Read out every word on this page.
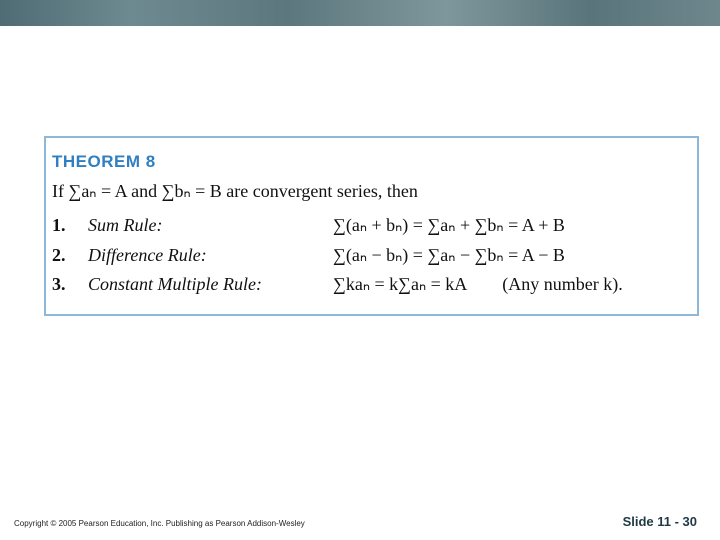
THEOREM 8
If ∑aₙ = A and ∑bₙ = B are convergent series, then
1. Sum Rule:	∑(aₙ + bₙ) = ∑aₙ + ∑bₙ = A + B
2. Difference Rule:	∑(aₙ − bₙ) = ∑aₙ − ∑bₙ = A − B
3. Constant Multiple Rule:	∑kaₙ = k∑aₙ = kA        (Any number k).
Copyright © 2005 Pearson Education, Inc. Publishing as Pearson Addison-Wesley	Slide 11 - 30
